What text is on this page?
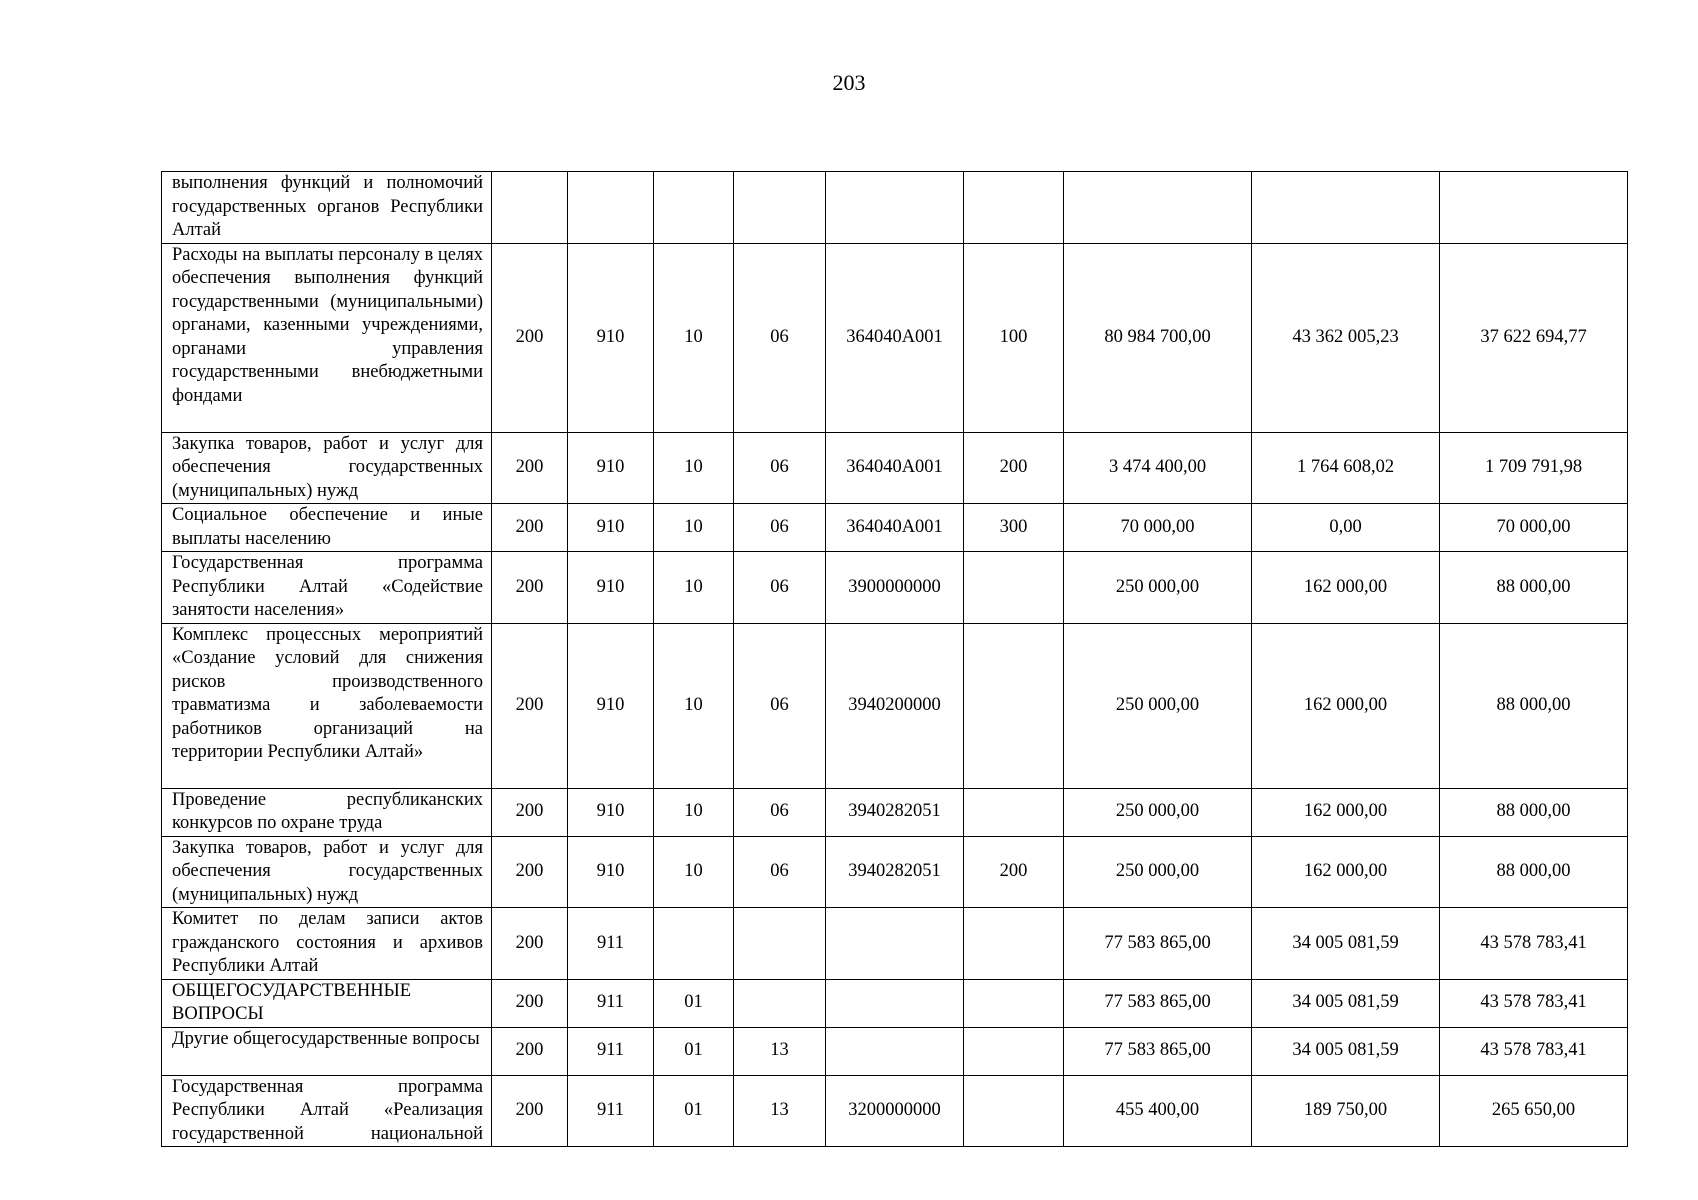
203
выполнения функций и полномочий государственных органов Республики Алтай									
Расходы на выплаты персоналу в целях обеспечения выполнения функций государственными (муниципальными) органами, казенными учреждениями, органами управления государственными внебюджетными фондами	200	910	10	06	364040А001	100	80 984 700,00	43 362 005,23	37 622 694,77
Закупка товаров, работ и услуг для обеспечения государственных (муниципальных) нужд	200	910	10	06	364040А001	200	3 474 400,00	1 764 608,02	1 709 791,98
Социальное обеспечение и иные выплаты населению	200	910	10	06	364040А001	300	70 000,00	0,00	70 000,00
Государственная программа Республики Алтай «Содействие занятости населения»	200	910	10	06	3900000000		250 000,00	162 000,00	88 000,00
Комплекс процессных мероприятий «Создание условий для снижения рисков производственного травматизма и заболеваемости работников организаций на территории Республики Алтай»	200	910	10	06	3940200000		250 000,00	162 000,00	88 000,00
Проведение республиканских конкурсов по охране труда	200	910	10	06	3940282051		250 000,00	162 000,00	88 000,00
Закупка товаров, работ и услуг для обеспечения государственных (муниципальных) нужд	200	910	10	06	3940282051	200	250 000,00	162 000,00	88 000,00
Комитет по делам записи актов гражданского состояния и архивов Республики Алтай	200	911					77 583 865,00	34 005 081,59	43 578 783,41
ОБЩЕГОСУДАРСТВЕННЫЕ ВОПРОСЫ	200	911	01				77 583 865,00	34 005 081,59	43 578 783,41
Другие общегосударственные вопросы	200	911	01	13			77 583 865,00	34 005 081,59	43 578 783,41
Государственная программа Республики Алтай «Реализация государственной национальной	200	911	01	13	3200000000		455 400,00	189 750,00	265 650,00
